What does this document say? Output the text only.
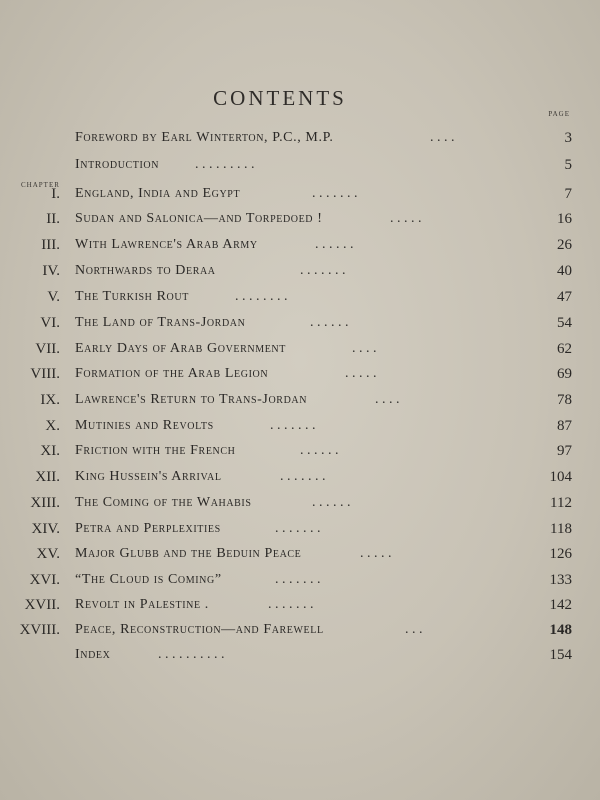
CONTENTS
PAGE
CHAPTER
Foreword by Earl Winterton, P.C., M.P.	. . . .	3
Introduction	. . . . . . . . .	5
I. England, India and Egypt	. . . . . . .	7
II. Sudan and Salonica—and Torpedoed !	. . . . .	16
III. With Lawrence's Arab Army	. . . . . .	26
IV. Northwards to Deraa	. . . . . . .	40
V. The Turkish Rout	. . . . . . . .	47
VI. The Land of Trans-Jordan	. . . . . .	54
VII. Early Days of Arab Government	. . . .	62
VIII. Formation of the Arab Legion	. . . . .	69
IX. Lawrence's Return to Trans-Jordan	. . . .	78
X. Mutinies and Revolts	. . . . . . .	87
XI. Friction with the French	. . . . . .	97
XII. King Hussein's Arrival	. . . . . . .	104
XIII. The Coming of the Wahabis	. . . . . .	112
XIV. Petra and Perplexities	. . . . . . .	118
XV. Major Glubb and the Beduin Peace	. . . . .	126
XVI. “The Cloud is Coming”	. . . . . . .	133
XVII. Revolt in Palestine .	. . . . . . .	142
XVIII. Peace, Reconstruction—and Farewell	. . .	148
Index	. . . . . . . . . .	154
